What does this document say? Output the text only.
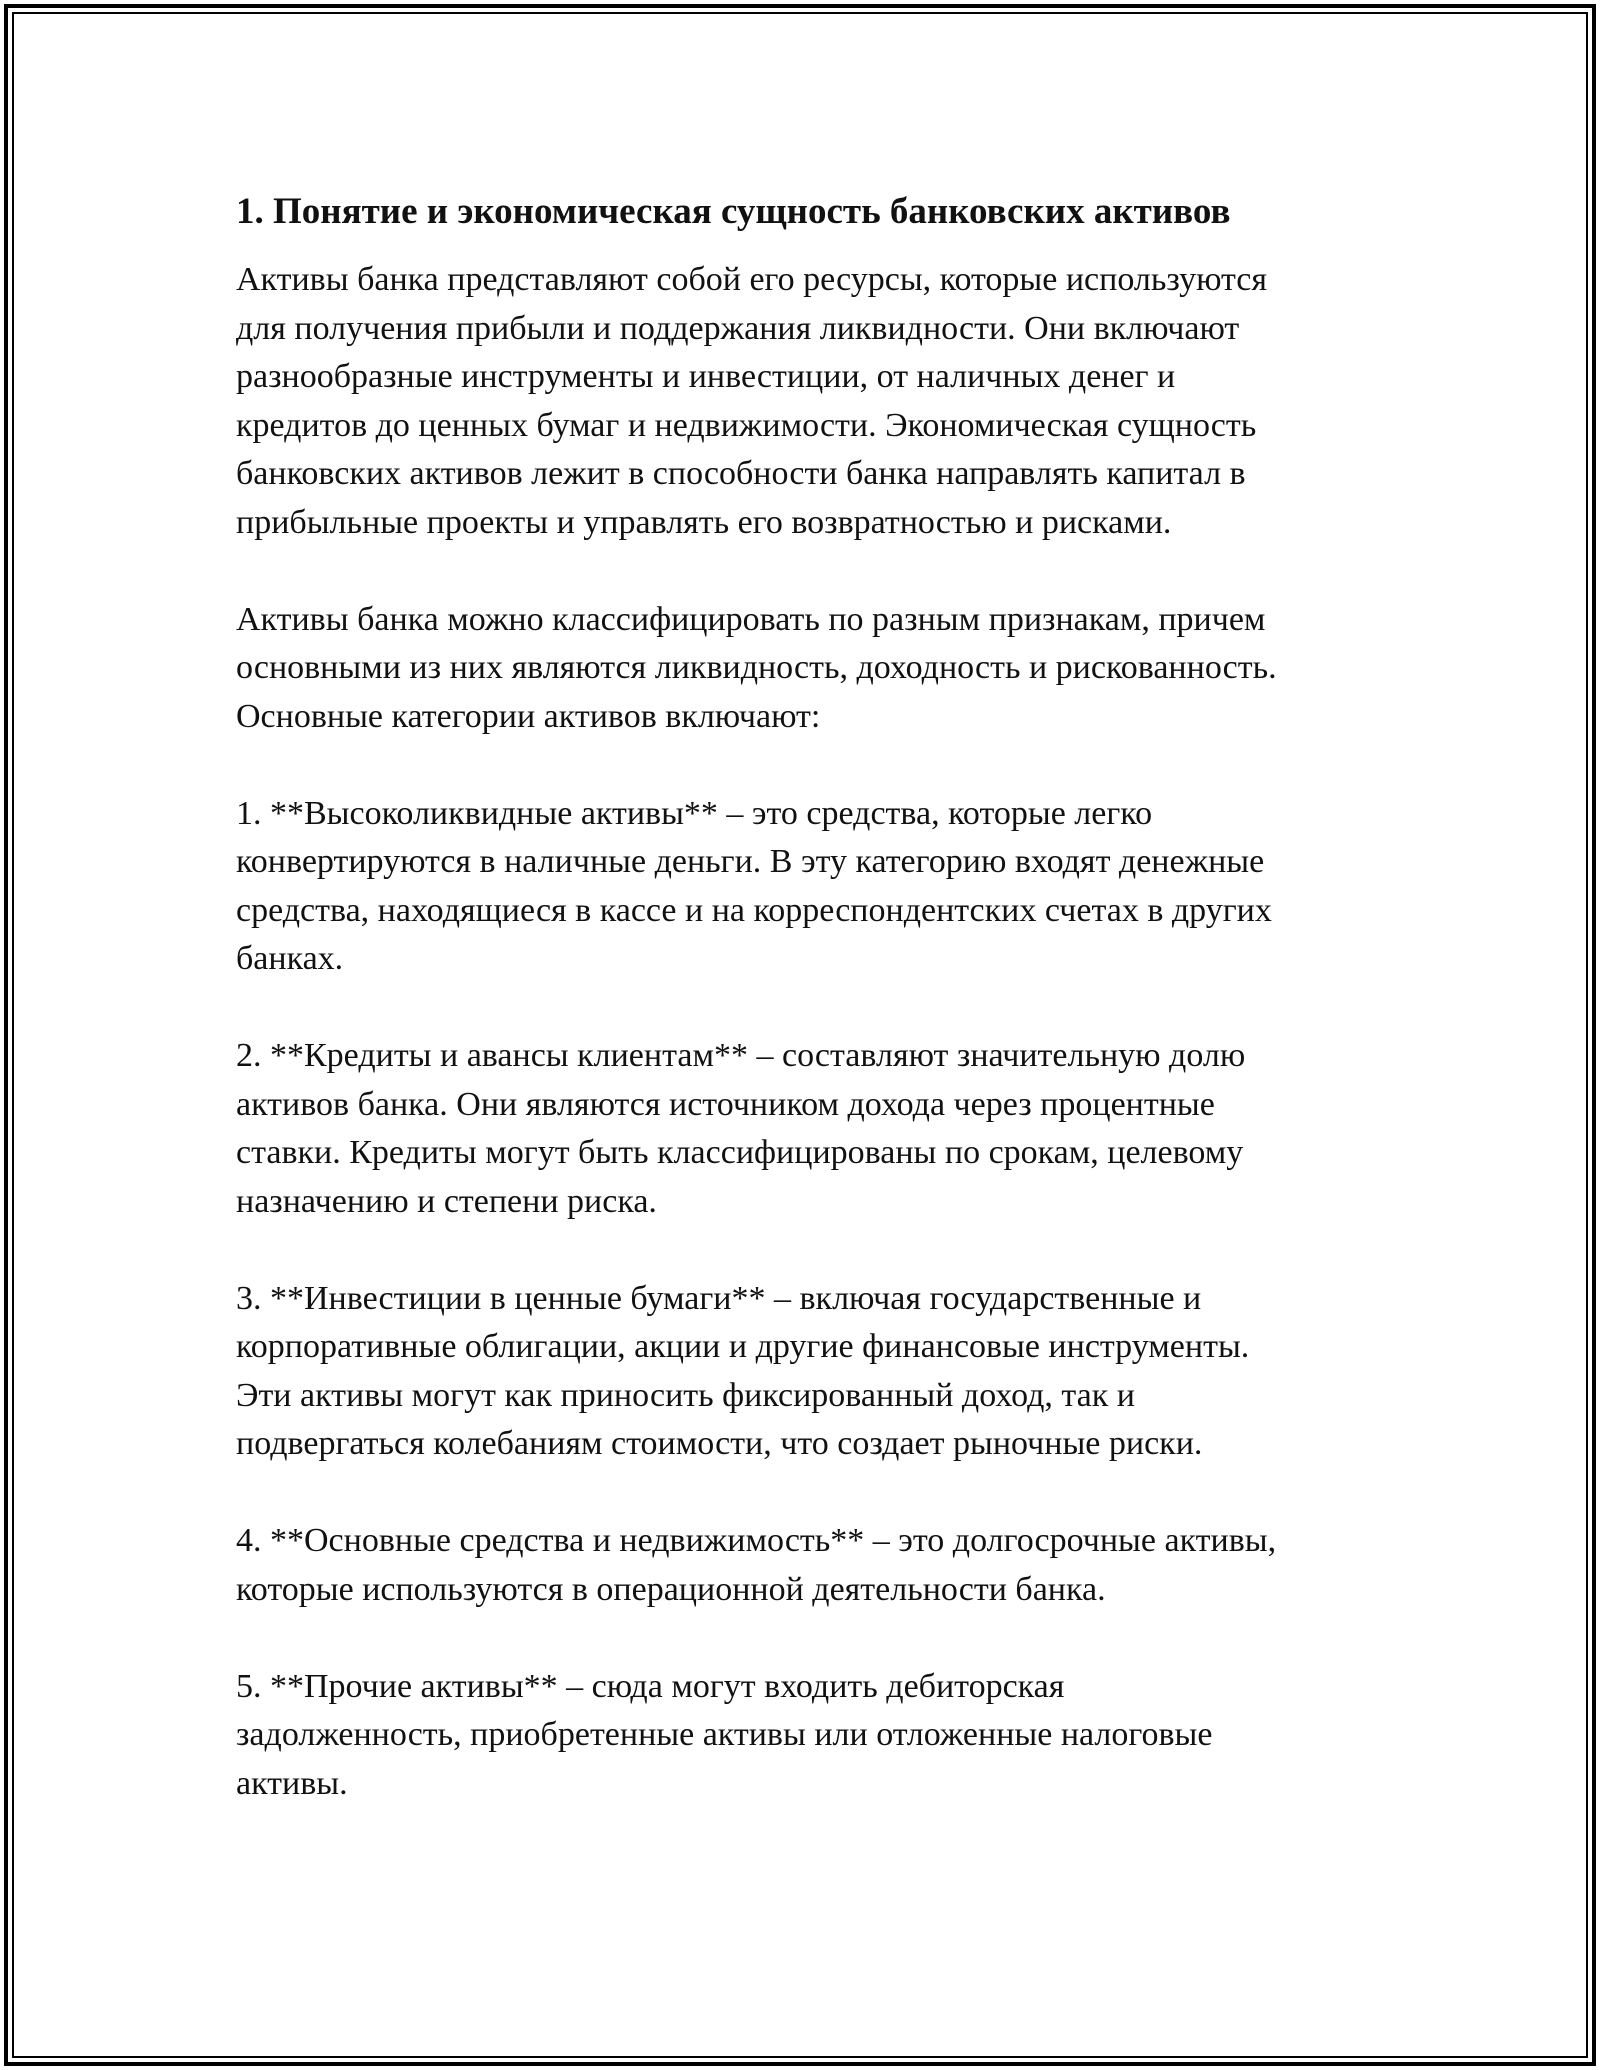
1. Понятие и экономическая сущность банковских активов

Активы банка представляют собой его ресурсы, которые используются
для получения прибыли и поддержания ликвидности. Они включают
разнообразные инструменты и инвестиции, от наличных денег и
кредитов до ценных бумаг и недвижимости. Экономическая сущность
банковских активов лежит в способности банка направлять капитал в
прибыльные проекты и управлять его возвратностью и рисками.

Активы банка можно классифицировать по разным признакам, причем
основными из них являются ликвидность, доходность и рискованность.
Основные категории активов включают:

1. **Высоколиквидные активы** – это средства, которые легко
конвертируются в наличные деньги. В эту категорию входят денежные
средства, находящиеся в кассе и на корреспондентских счетах в других
банках.

2. **Кредиты и авансы клиентам** – составляют значительную долю
активов банка. Они являются источником дохода через процентные
ставки. Кредиты могут быть классифицированы по срокам, целевому
назначению и степени риска.

3. **Инвестиции в ценные бумаги** – включая государственные и
корпоративные облигации, акции и другие финансовые инструменты.
Эти активы могут как приносить фиксированный доход, так и
подвергаться колебаниям стоимости, что создает рыночные риски.

4. **Основные средства и недвижимость** – это долгосрочные активы,
которые используются в операционной деятельности банка.

5. **Прочие активы** – сюда могут входить дебиторская
задолженность, приобретенные активы или отложенные налоговые
активы.
